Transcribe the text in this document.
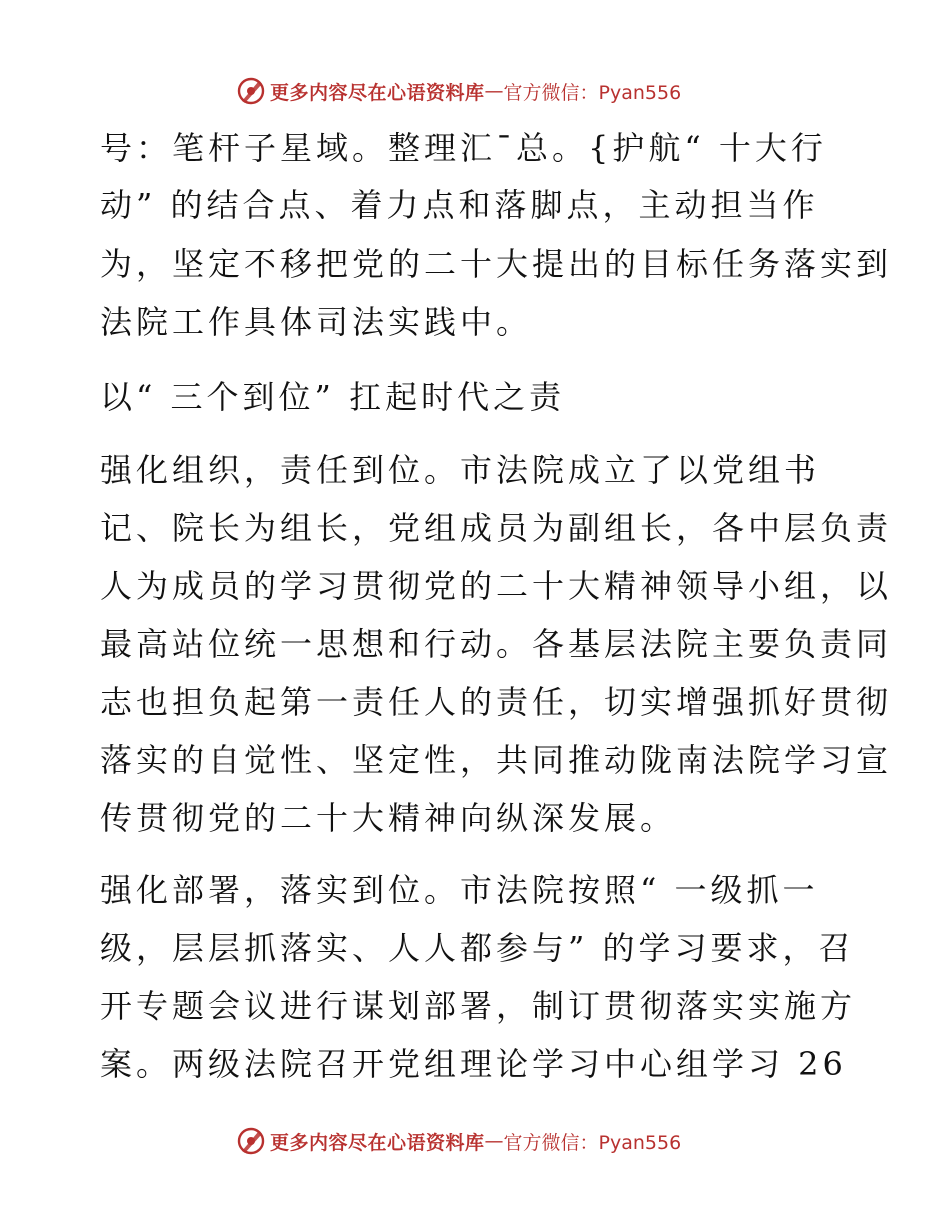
更多内容尽在心语资料库 — 官方微信：Pyan556
号：笔杆子星域。整理汇¯总。{护航“ 十大行
动” 的结合点、着力点和落脚点，主动担当作
为，坚定不移把党的二十大提出的目标任务落实到
法院工作具体司法实践中。
以“ 三个到位” 扛起时代之责
强化组织，责任到位。市法院成立了以党组书
记、院长为组长，党组成员为副组长，各中层负责
人为成员的学习贯彻党的二十大精神领导小组，以
最高站位统一思想和行动。各基层法院主要负责同
志也担负起第一责任人的责任，切实增强抓好贯彻
落实的自觉性、坚定性，共同推动陇南法院学习宣
传贯彻党的二十大精神向纵深发展。
强化部署，落实到位。市法院按照“ 一级抓一
级，层层抓落实、人人都参与” 的学习要求，召
开专题会议进行谋划部署，制订贯彻落实实施方
案。两级法院召开党组理论学习中心组学习 26
更多内容尽在心语资料库 — 官方微信：Pyan556
